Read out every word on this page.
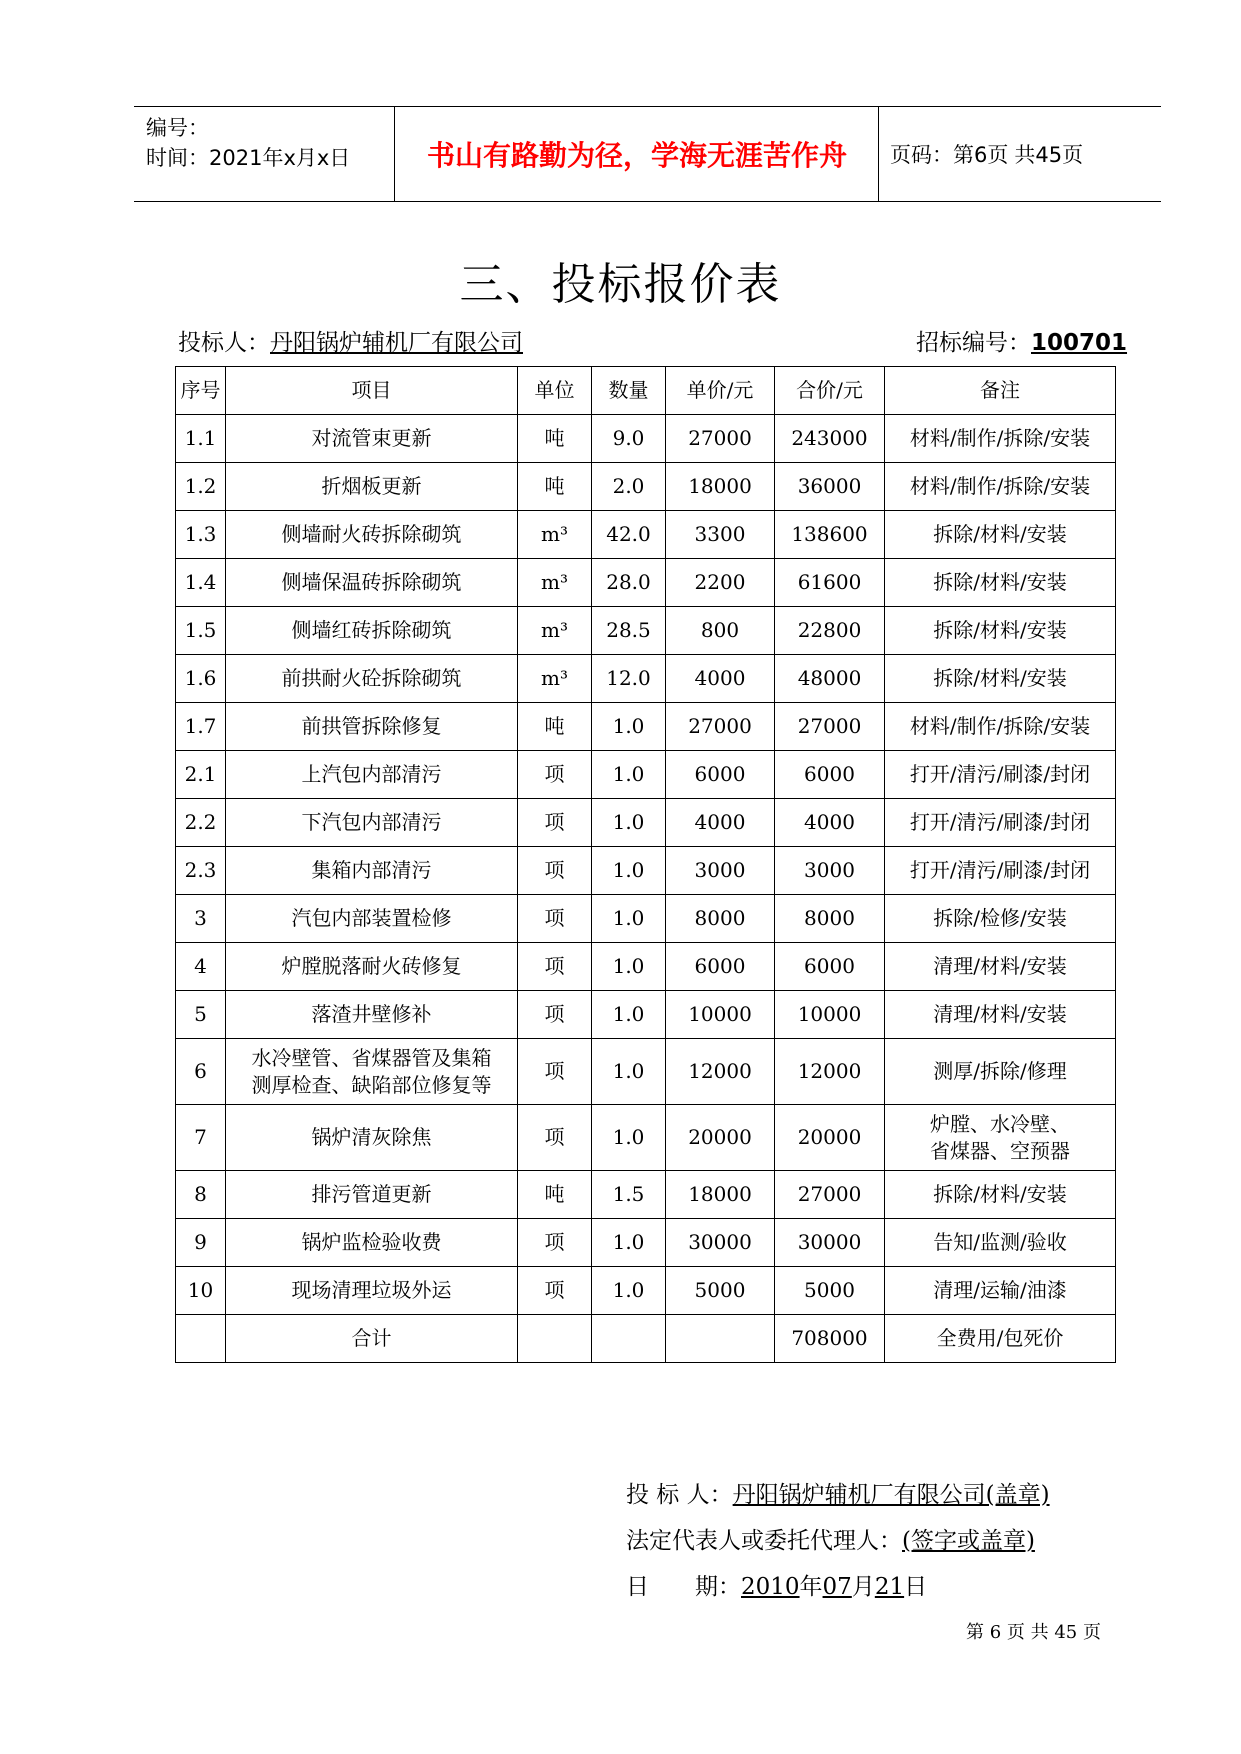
编号：
时间：2021年x月x日	书山有路勤为径，学海无涯苦作舟	页码：第6页 共45页
三、投标报价表
投标人：丹阳锅炉辅机厂有限公司	招标编号：100701
序号	项目	单位	数量	单价/元	合价/元	备注
1.1	对流管束更新	吨	9.0	27000	243000	材料/制作/拆除/安装
1.2	折烟板更新	吨	2.0	18000	36000	材料/制作/拆除/安装
1.3	侧墙耐火砖拆除砌筑	m³	42.0	3300	138600	拆除/材料/安装
1.4	侧墙保温砖拆除砌筑	m³	28.0	2200	61600	拆除/材料/安装
1.5	侧墙红砖拆除砌筑	m³	28.5	800	22800	拆除/材料/安装
1.6	前拱耐火砼拆除砌筑	m³	12.0	4000	48000	拆除/材料/安装
1.7	前拱管拆除修复	吨	1.0	27000	27000	材料/制作/拆除/安装
2.1	上汽包内部清污	项	1.0	6000	6000	打开/清污/刷漆/封闭
2.2	下汽包内部清污	项	1.0	4000	4000	打开/清污/刷漆/封闭
2.3	集箱内部清污	项	1.0	3000	3000	打开/清污/刷漆/封闭
3	汽包内部装置检修	项	1.0	8000	8000	拆除/检修/安装
4	炉膛脱落耐火砖修复	项	1.0	6000	6000	清理/材料/安装
5	落渣井壁修补	项	1.0	10000	10000	清理/材料/安装
6	水冷壁管、省煤器管及集箱
测厚检查、缺陷部位修复等	项	1.0	12000	12000	测厚/拆除/修理
7	锅炉清灰除焦	项	1.0	20000	20000	炉膛、水冷壁、
省煤器、空预器

8	排污管道更新	吨	1.5	18000	27000	拆除/材料/安装
9	锅炉监检验收费	项	1.0	30000	30000	告知/监测/验收
10	现场清理垃圾外运	项	1.0	5000	5000	清理/运输/油漆
	合计				708000	全费用/包死价
投 标 人：丹阳锅炉辅机厂有限公司(盖章)
法定代表人或委托代理人：(签字或盖章)
日　　期：2010年07月21日
第 6 页 共 45 页
